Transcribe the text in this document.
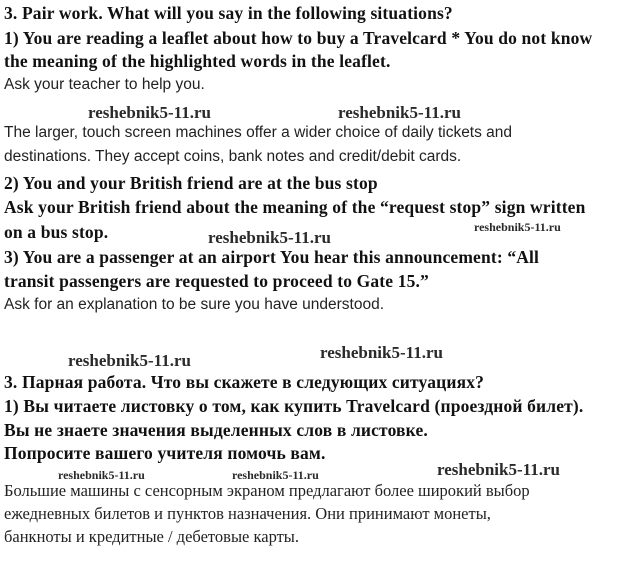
3. Pair work. What will you say in the following situations?
1) You are reading a leaflet about how to buy a Travelcard * You do not know
the meaning of the highlighted words in the leaflet.
Ask your teacher to help you.
reshebnik5-11.ru	reshebnik5-11.ru
The larger, touch screen machines offer a wider choice of daily tickets and
destinations. They accept coins, bank notes and credit/debit cards.
2) You and your British friend are at the bus stop
Ask your British friend about the meaning of the “request stop” sign written
on a bus stop.	reshebnik5-11.ru
reshebnik5-11.ru
3) You are a passenger at an airport You hear this announcement: “All
transit passengers are requested to proceed to Gate 15.”
Ask for an explanation to be sure you have understood.
reshebnik5-11.ru
reshebnik5-11.ru
3. Парная работа. Что вы скажете в следующих ситуациях?
1) Вы читаете листовку о том, как купить Travelcard (проездной билет).
Вы не знаете значения выделенных слов в листовке.
Попросите вашего учителя помочь вам.
reshebnik5-11.ru
reshebnik5-11.ru	reshebnik5-11.ru
Большие машины с сенсорным экраном предлагают более широкий выбор
ежедневных билетов и пунктов назначения. Они принимают монеты,
банкноты и кредитные / дебетовые карты.
